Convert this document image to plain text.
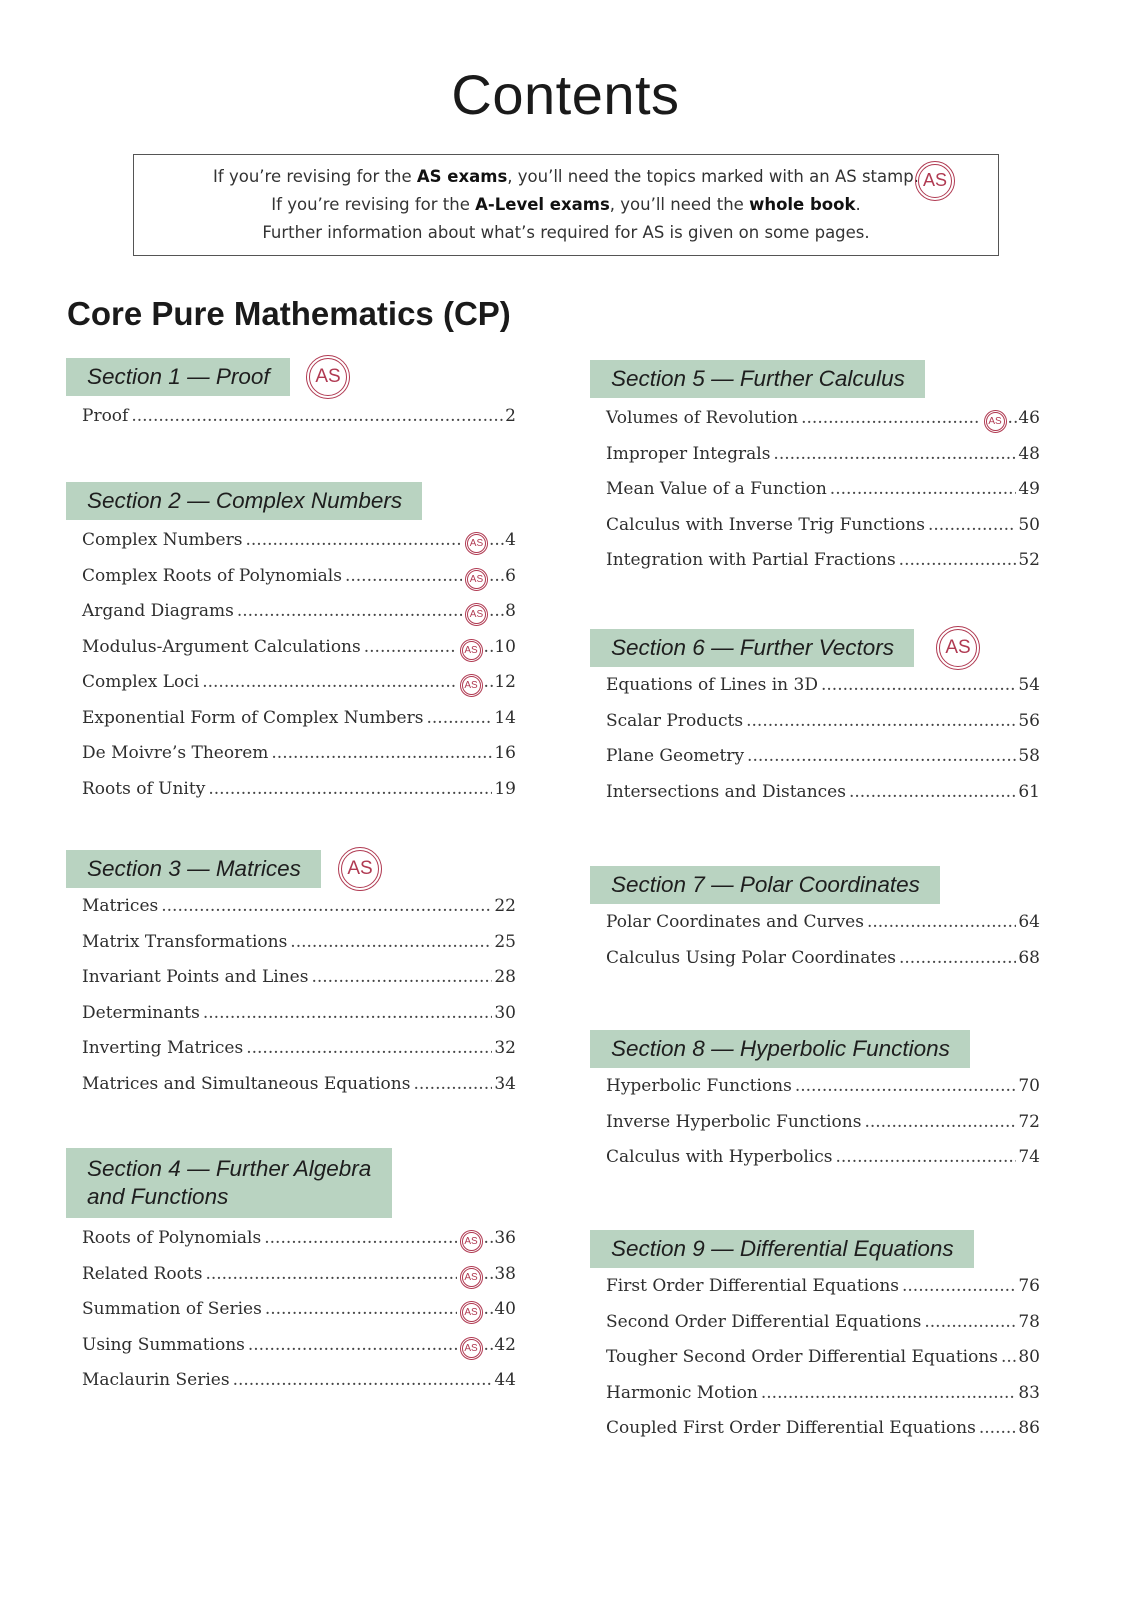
Contents
If you’re revising for the AS exams, you’ll need the topics marked with an AS stamp. AS
If you’re revising for the A-Level exams, you’ll need the whole book.
Further information about what’s required for AS is given on some pages.
Core Pure Mathematics (CP)
Section 1 — Proof	AS
Proof .....	2
Section 2 — Complex Numbers
Complex Numbers .....	AS ... 4
Complex Roots of Polynomials .....	AS ... 6
Argand Diagrams .....	AS ... 8
Modulus-Argument Calculations .....	AS .. 10
Complex Loci .....	AS .. 12
Exponential Form of Complex Numbers .....	14
De Moivre’s Theorem .....	16
Roots of Unity .....	19
Section 3 — Matrices	AS
Matrices .....	22
Matrix Transformations .....	25
Invariant Points and Lines .....	28
Determinants .....	30
Inverting Matrices .....	32
Matrices and Simultaneous Equations .....	34
Section 4 — Further Algebra
and Functions
Roots of Polynomials .....	AS .. 36
Related Roots .....	AS .. 38
Summation of Series .....	AS .. 40
Using Summations .....	AS .. 42
Maclaurin Series .....	44
Section 5 — Further Calculus
Volumes of Revolution .....	AS .. 46
Improper Integrals .....	48
Mean Value of a Function .....	49
Calculus with Inverse Trig Functions .....	50
Integration with Partial Fractions .....	52
Section 6 — Further Vectors	AS
Equations of Lines in 3D .....	54
Scalar Products .....	56
Plane Geometry .....	58
Intersections and Distances .....	61
Section 7 — Polar Coordinates
Polar Coordinates and Curves .....	64
Calculus Using Polar Coordinates .....	68
Section 8 — Hyperbolic Functions
Hyperbolic Functions .....	70
Inverse Hyperbolic Functions .....	72
Calculus with Hyperbolics .....	74
Section 9 — Differential Equations
First Order Differential Equations .....	76
Second Order Differential Equations .....	78
Tougher Second Order Differential Equations ..... 80
Harmonic Motion .....	83
Coupled First Order Differential Equations .....	86
